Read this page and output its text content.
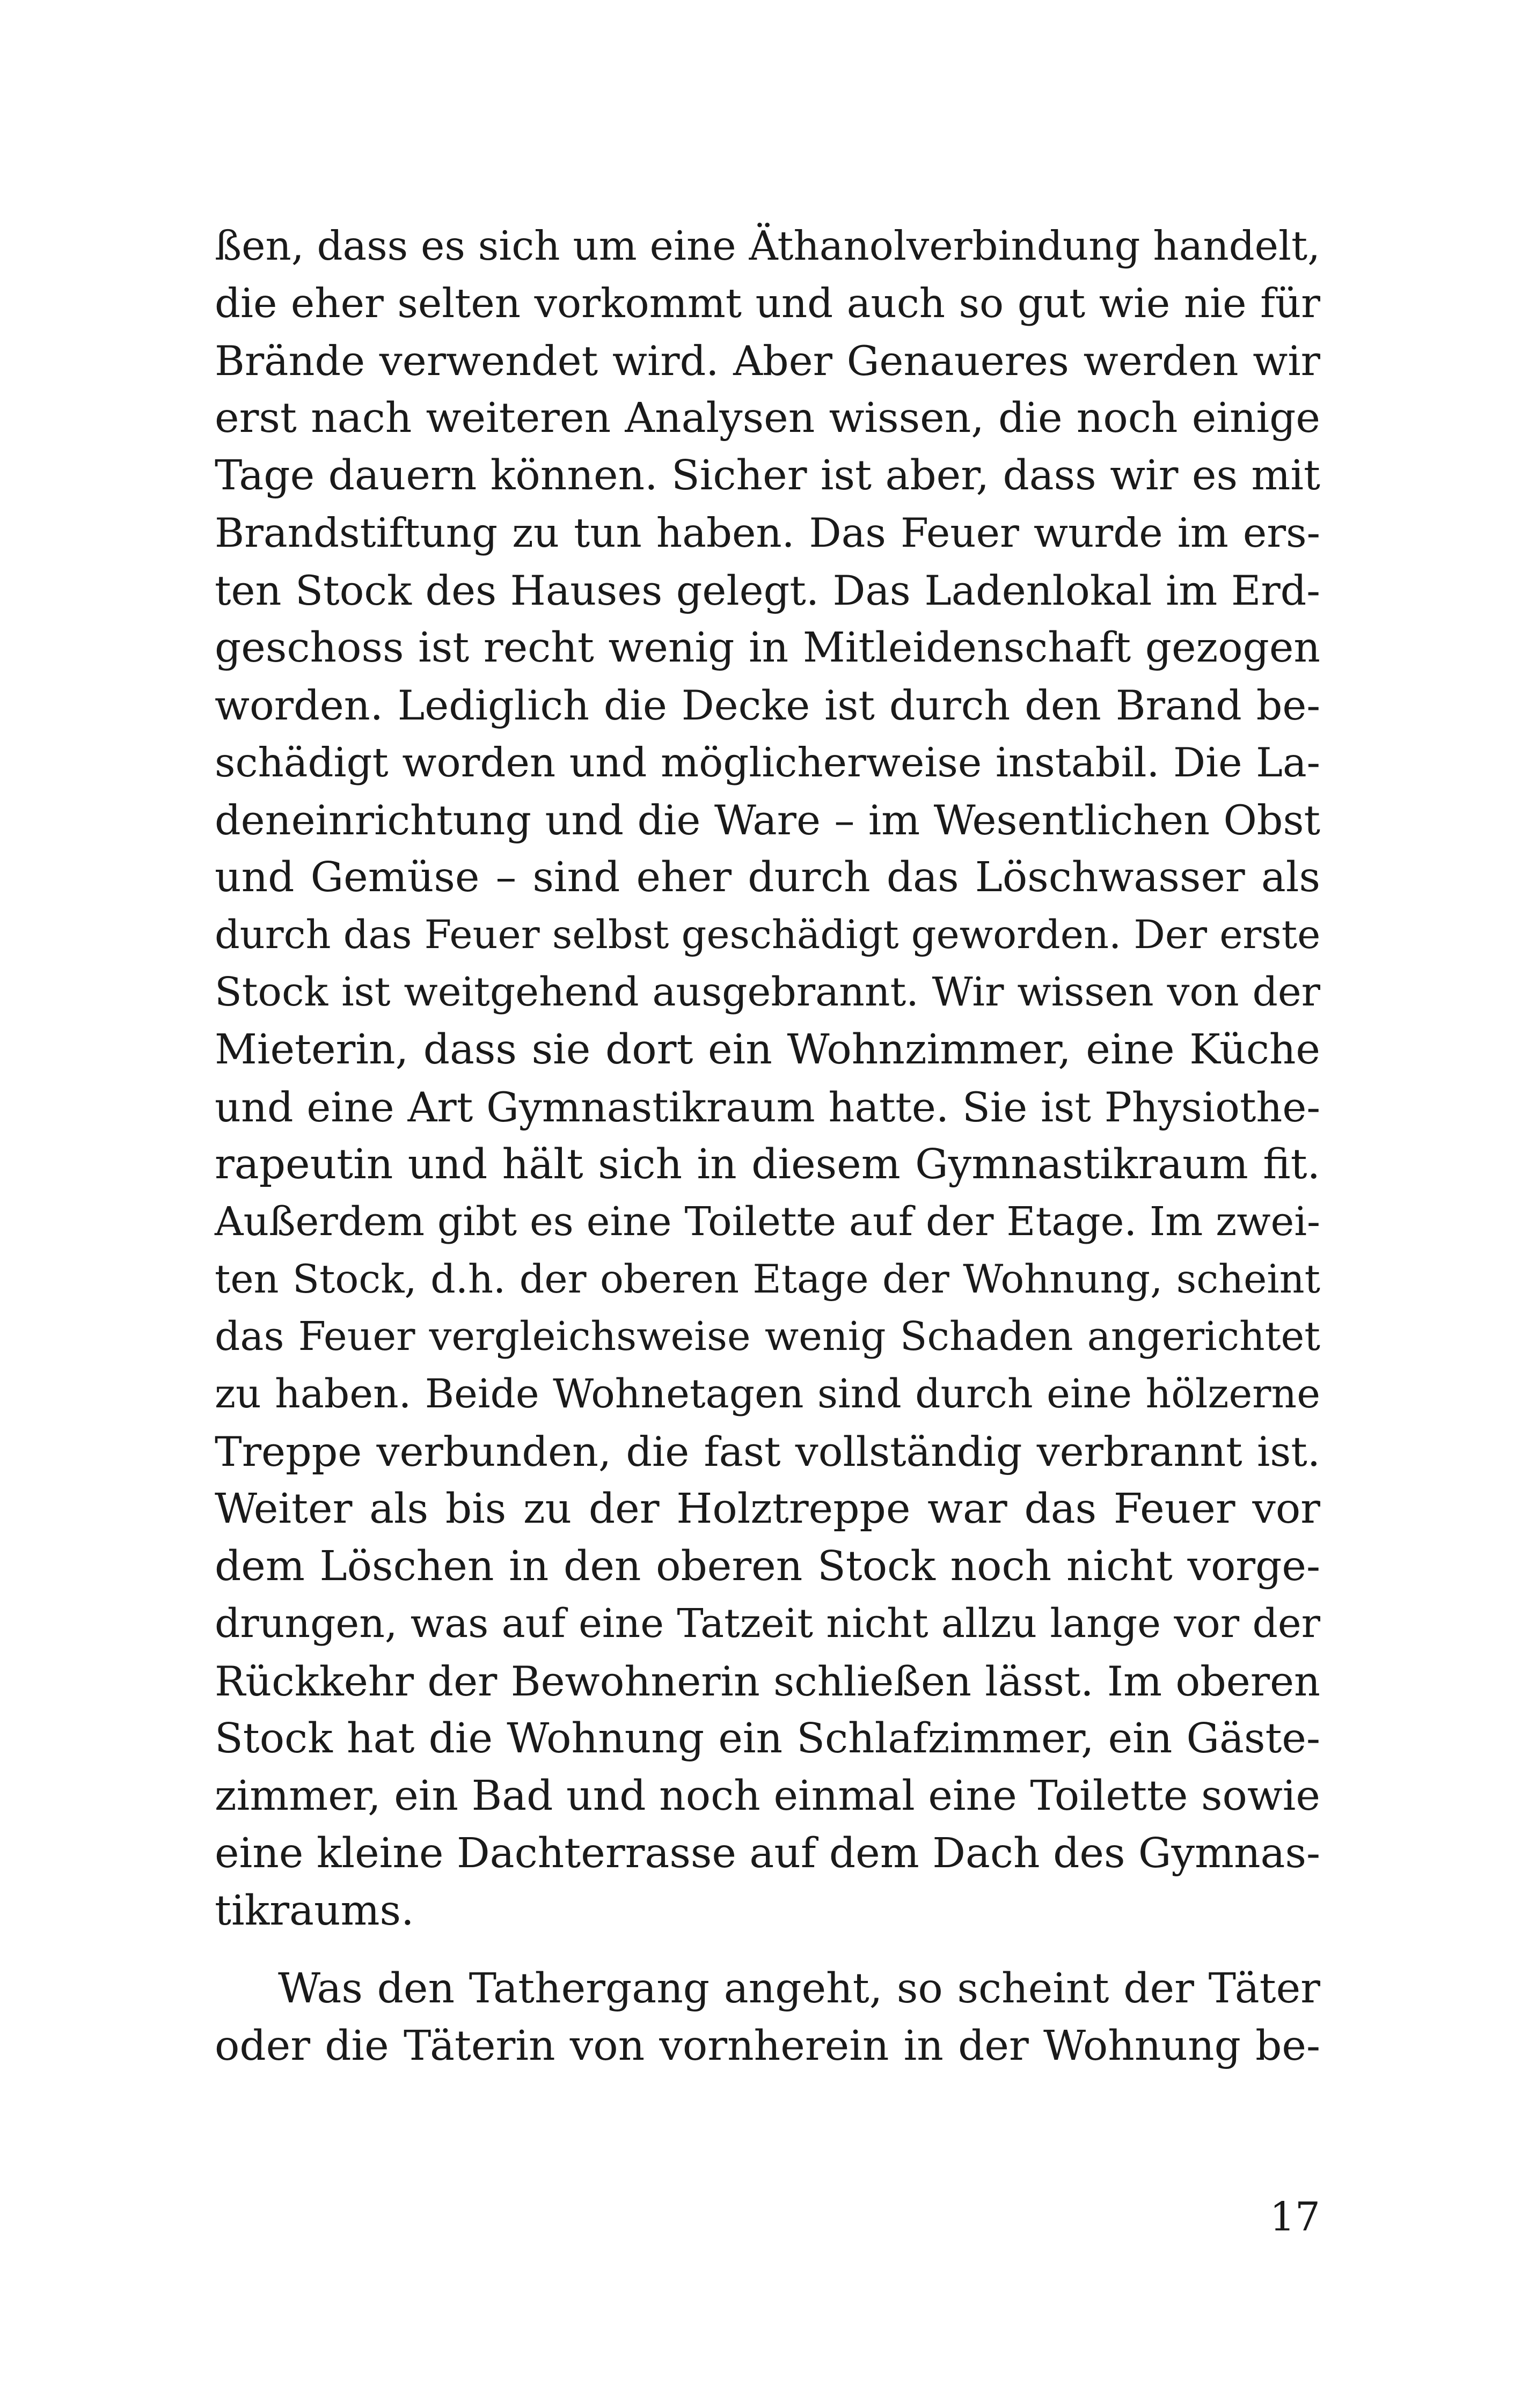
ßen, dass es sich um eine Äthanolverbindung handelt,
die eher selten vorkommt und auch so gut wie nie für
Brände verwendet wird. Aber Genaueres werden wir
erst nach weiteren Analysen wissen, die noch einige
Tage dauern können. Sicher ist aber, dass wir es mit
Brandstiftung zu tun haben. Das Feuer wurde im ers-
ten Stock des Hauses gelegt. Das Ladenlokal im Erd-
geschoss ist recht wenig in Mitleidenschaft gezogen
worden. Lediglich die Decke ist durch den Brand be-
schädigt worden und möglicherweise instabil. Die La-
deneinrichtung und die Ware – im Wesentlichen Obst
und Gemüse – sind eher durch das Löschwasser als
durch das Feuer selbst geschädigt geworden. Der erste
Stock ist weitgehend ausgebrannt. Wir wissen von der
Mieterin, dass sie dort ein Wohnzimmer, eine Küche
und eine Art Gymnastikraum hatte. Sie ist Physiothe-
rapeutin und hält sich in diesem Gymnastikraum fit.
Außerdem gibt es eine Toilette auf der Etage. Im zwei-
ten Stock, d.h. der oberen Etage der Wohnung, scheint
das Feuer vergleichsweise wenig Schaden angerichtet
zu haben. Beide Wohnetagen sind durch eine hölzerne
Treppe verbunden, die fast vollständig verbrannt ist.
Weiter als bis zu der Holztreppe war das Feuer vor
dem Löschen in den oberen Stock noch nicht vorge-
drungen, was auf eine Tatzeit nicht allzu lange vor der
Rückkehr der Bewohnerin schließen lässt. Im oberen
Stock hat die Wohnung ein Schlafzimmer, ein Gäste-
zimmer, ein Bad und noch einmal eine Toilette sowie
eine kleine Dachterrasse auf dem Dach des Gymnas-
tikraums.
Was den Tathergang angeht, so scheint der Täter
oder die Täterin von vornherein in der Wohnung be-
17
